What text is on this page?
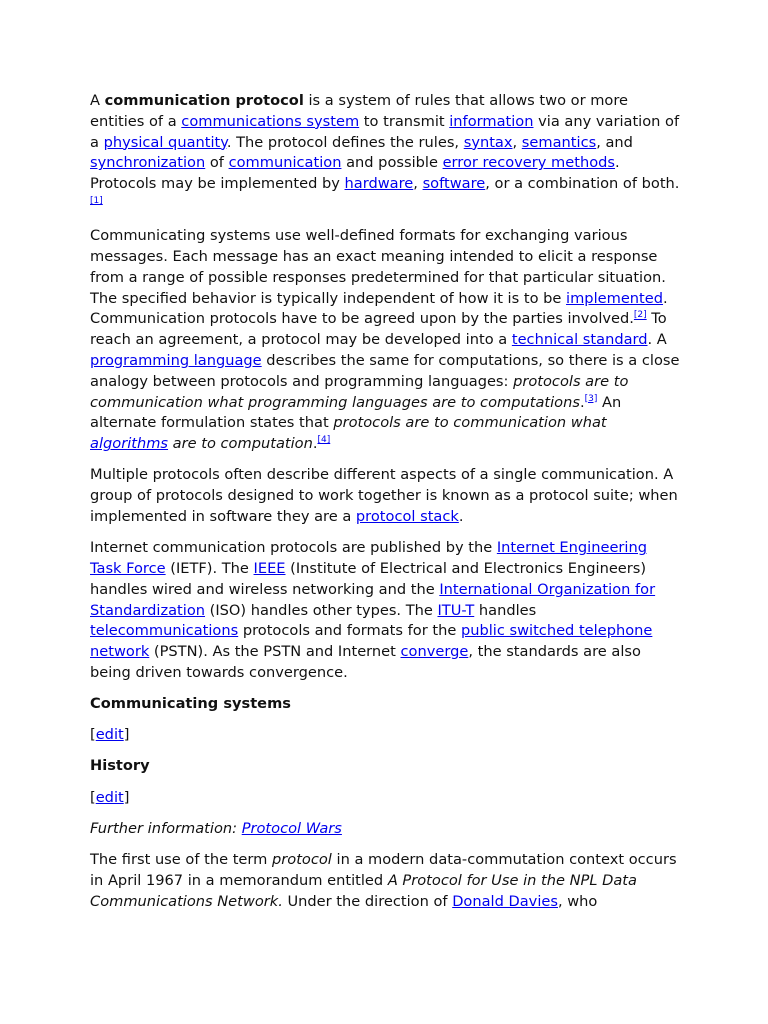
A communication protocol is a system of rules that allows two or more entities of a communications system to transmit information via any variation of a physical quantity. The protocol defines the rules, syntax, semantics, and synchronization of communication and possible error recovery methods. Protocols may be implemented by hardware, software, or a combination of both.[1]

Communicating systems use well-defined formats for exchanging various messages. Each message has an exact meaning intended to elicit a response from a range of possible responses predetermined for that particular situation. The specified behavior is typically independent of how it is to be implemented. Communication protocols have to be agreed upon by the parties involved.[2] To reach an agreement, a protocol may be developed into a technical standard. A programming language describes the same for computations, so there is a close analogy between protocols and programming languages: protocols are to communication what programming languages are to computations.[3] An alternate formulation states that protocols are to communication what algorithms are to computation.[4]

Multiple protocols often describe different aspects of a single communication. A group of protocols designed to work together is known as a protocol suite; when implemented in software they are a protocol stack.

Internet communication protocols are published by the Internet Engineering Task Force (IETF). The IEEE (Institute of Electrical and Electronics Engineers) handles wired and wireless networking and the International Organization for Standardization (ISO) handles other types. The ITU-T handles telecommunications protocols and formats for the public switched telephone network (PSTN). As the PSTN and Internet converge, the standards are also being driven towards convergence.

Communicating systems

[edit]

History

[edit]

Further information: Protocol Wars

The first use of the term protocol in a modern data-commutation context occurs in April 1967 in a memorandum entitled A Protocol for Use in the NPL Data Communications Network. Under the direction of Donald Davies, who
